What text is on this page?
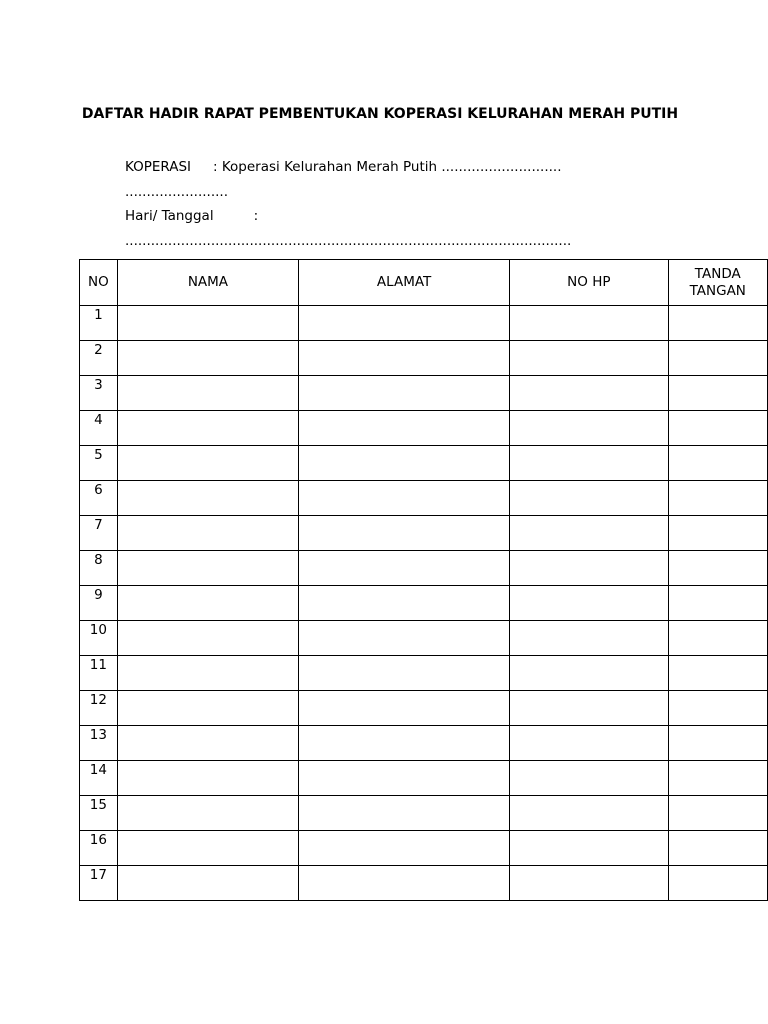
DAFTAR HADIR RAPAT PEMBENTUKAN KOPERASI KELURAHAN MERAH PUTIH
KOPERASI : Koperasi Kelurahan Merah Putih ............................
........................
Hari/ Tanggal	:
........................................................................................................
NO	NAMA	ALAMAT	NO HP	TANDA
TANGAN
1				
2				
3				
4				
5				
6				
7				
8				
9				
10				
11				
12				
13				
14				
15				
16				
17				
